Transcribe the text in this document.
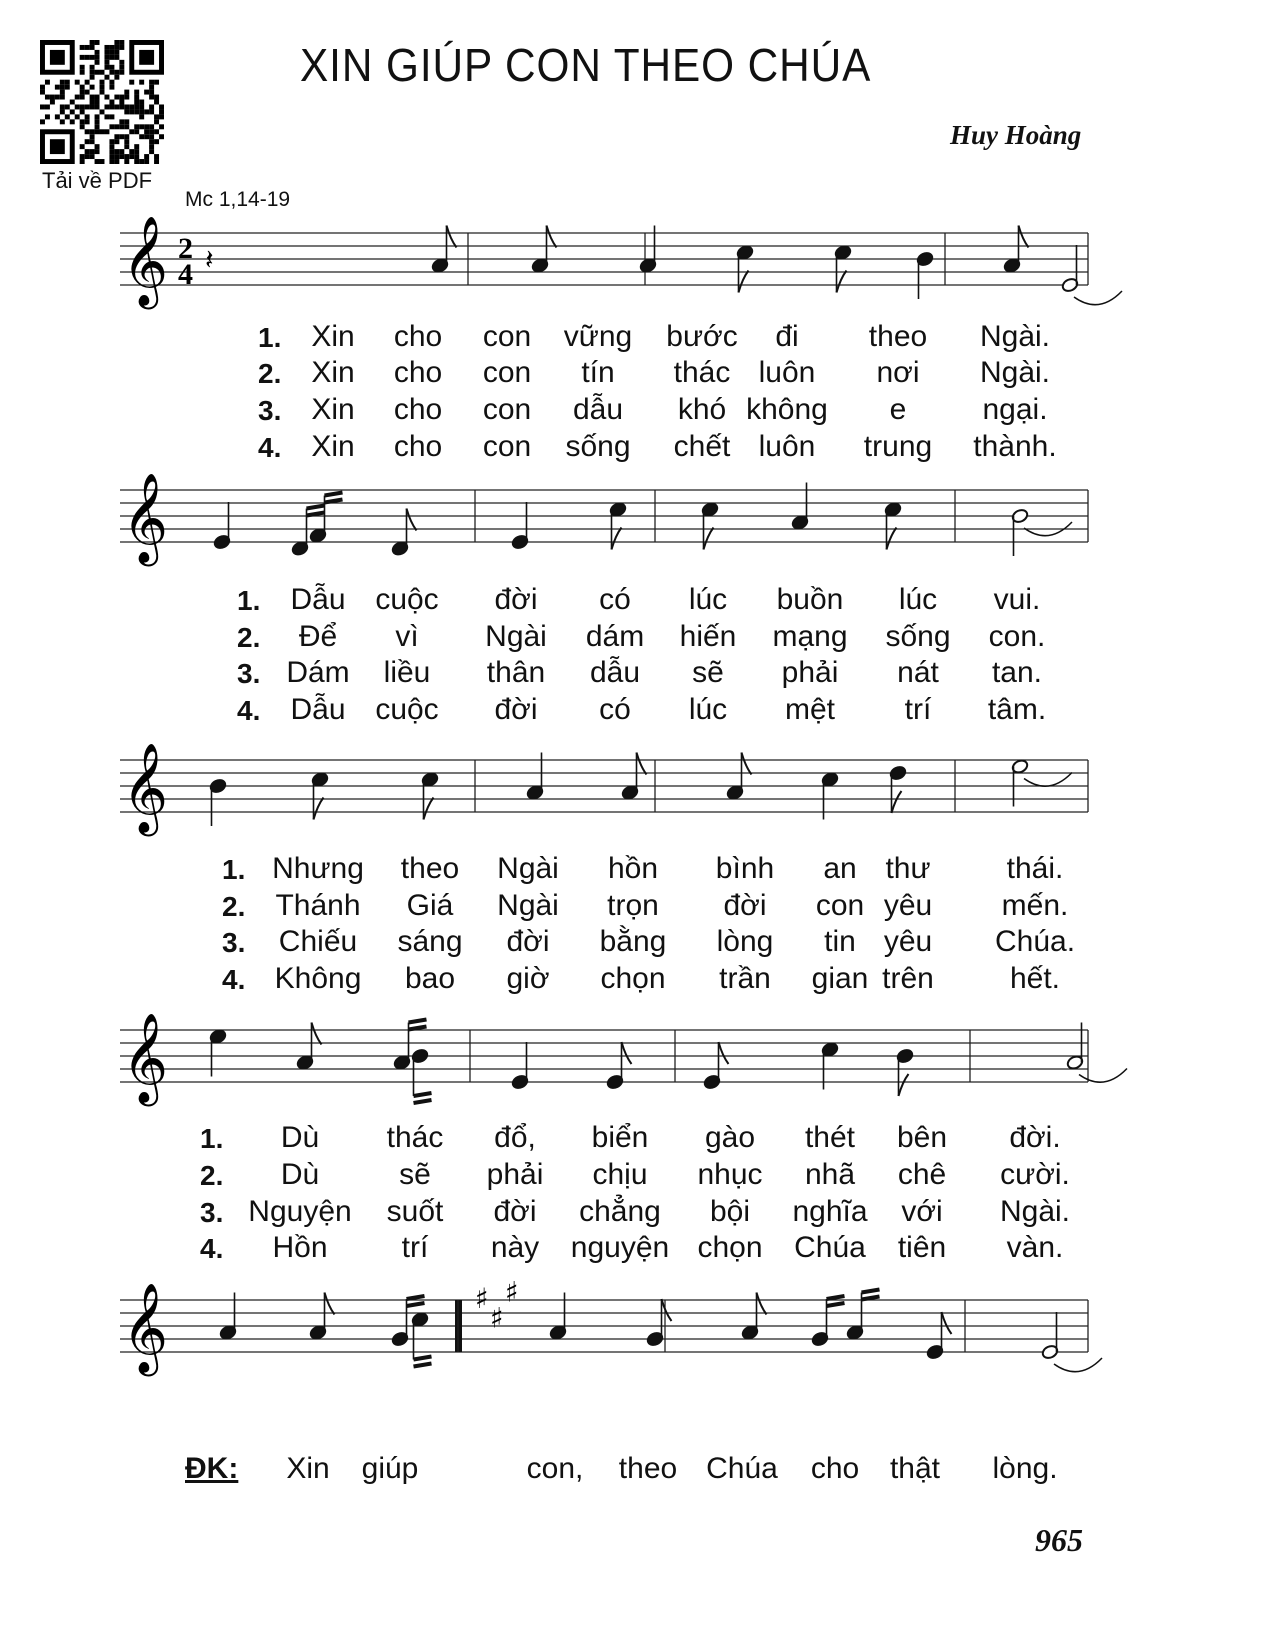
Tải về PDF
XIN GIÚP CON THEO CHÚA
Huy Hoàng
Mc 1,14-19
𝄞 2
4 𝄽
𝄞
𝄞
𝄞
𝄞	♯
♯
♯
1. Xin cho con vững bước đi theo Ngài.
2. Xin cho con tín thác luôn nơi Ngài.
3. Xin cho con dẫu khó không e	ngại.
4. Xin cho con sống chết luôn trung thành.
1. Dẫu cuộc đời có lúc buồn lúc vui.
2. Để vì Ngài dám hiến mạng sống con.
3. Dám liều thân dẫu sẽ phải nát tan.
4. Dẫu cuộc đời có lúc mệt trí tâm.
1. Nhưng theo Ngài hồn bình an thư	thái.
2. Thánh Giá Ngài trọn đời con yêu mến.
3. Chiếu sáng đời bằng lòng tin yêu Chúa.
4. Không bao giờ chọn trần gian trên	hết.
1. Dù thác đổ, biển gào thét bên đời.
2. Dù	sẽ phải chịu nhục nhã chê cười.
3. Nguyện suốt đời chẳng bội nghĩa với Ngài.
4. Hồn trí này nguyện chọn Chúa tiên vàn.
Xin giúp	con, theo Chúa cho thật lòng.
ĐK:
965
